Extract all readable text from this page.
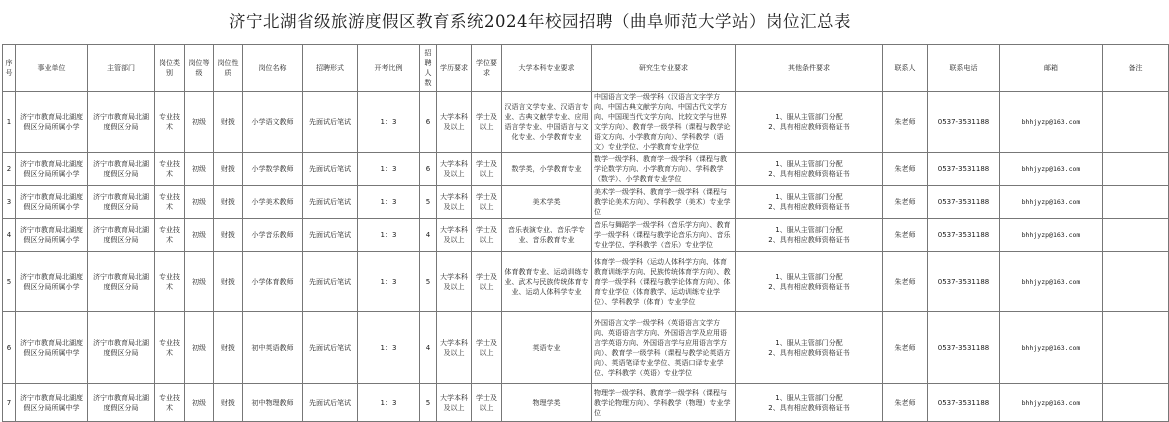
济宁北湖省级旅游度假区教育系统2024年校园招聘（曲阜师范大学站）岗位汇总表
序号	事业单位	主管部门	岗位类别	岗位等级	岗位性质	岗位名称	招聘形式	开考比例	招聘人数	学历要求	学位要求	大学本科专业要求	研究生专业要求	其他条件要求	联系人	联系电话	邮箱	备注
1	济宁市教育局北湖度假区分局所属小学	济宁市教育局北湖度假区分局	专业技术	初级	财拨	小学语文教师	先面试后笔试	1：3	6	大学本科及以上	学士及以上	汉语言文学专业、汉语言专业、古典文献学专业、应用语言学专业、中国语言与文化专业、小学教育专业	中国语言文学一级学科（汉语言文字学方向、中国古典文献学方向、中国古代文学方向、中国现当代文学方向、比较文学与世界文学方向）、教育学一级学科（课程与教学论语文方向、小学教育方向）、学科教学（语文）专业学位、小学教育专业学位	1、服从主管部门分配
2、具有相应教师资格证书	朱老师	0537-3531188	bhhjyzp@163.com	
2	济宁市教育局北湖度假区分局所属小学	济宁市教育局北湖度假区分局	专业技术	初级	财拨	小学数学教师	先面试后笔试	1：3	6	大学本科及以上	学士及以上	数学类，小学教育专业	数学一级学科、教育学一级学科（课程与教学论数学方向、小学教育方向）、学科教学（数学）、小学教育专业学位	1、服从主管部门分配
2、具有相应教师资格证书	朱老师	0537-3531188	bhhjyzp@163.com	
3	济宁市教育局北湖度假区分局所属小学	济宁市教育局北湖度假区分局	专业技术	初级	财拨	小学美术教师	先面试后笔试	1：3	5	大学本科及以上	学士及以上	美术学类	美术学一级学科、教育学一级学科（课程与教学论美术方向）、学科教学（美术）专业学位	1、服从主管部门分配
2、具有相应教师资格证书	朱老师	0537-3531188	bhhjyzp@163.com	
4	济宁市教育局北湖度假区分局所属小学	济宁市教育局北湖度假区分局	专业技术	初级	财拨	小学音乐教师	先面试后笔试	1：3	4	大学本科及以上	学士及以上	音乐表演专业、音乐学专业、音乐教育专业	音乐与舞蹈学一级学科（音乐学方向）、教育学一级学科（课程与教学论音乐方向）、音乐专业学位、学科教学（音乐）专业学位	1、服从主管部门分配
2、具有相应教师资格证书	朱老师	0537-3531188	bhhjyzp@163.com	
5	济宁市教育局北湖度假区分局所属小学	济宁市教育局北湖度假区分局	专业技术	初级	财拨	小学体育教师	先面试后笔试	1：3	5	大学本科及以上	学士及以上	体育教育专业、运动训练专业、武术与民族传统体育专业、运动人体科学专业	体育学一级学科（运动人体科学方向、体育教育训练学方向、民族传统体育学方向）、教育学一级学科（课程与教学论体育方向）、体育专业学位（体育教学、运动训练专业学位）、学科教学（体育）专业学位	1、服从主管部门分配
2、具有相应教师资格证书	朱老师	0537-3531188	bhhjyzp@163.com	
6	济宁市教育局北湖度假区分局所属中学	济宁市教育局北湖度假区分局	专业技术	初级	财拨	初中英语教师	先面试后笔试	1：3	4	大学本科及以上	学士及以上	英语专业	外国语言文学一级学科（英语语言文学方向、英语语言学方向、外国语言学及应用语言学英语方向、外国语言学与应用语言学方向）、教育学一级学科（课程与教学论英语方向）、英语笔译专业学位、英语口译专业学位、学科教学（英语）专业学位	1、服从主管部门分配
2、具有相应教师资格证书	朱老师	0537-3531188	bhhjyzp@163.com	
7	济宁市教育局北湖度假区分局所属中学	济宁市教育局北湖度假区分局	专业技术	初级	财拨	初中物理教师	先面试后笔试	1：3	5	大学本科及以上	学士及以上	物理学类	物理学一级学科、教育学一级学科（课程与教学论物理方向）、学科教学（物理）专业学位	1、服从主管部门分配
2、具有相应教师资格证书	朱老师	0537-3531188	bhhjyzp@163.com	
